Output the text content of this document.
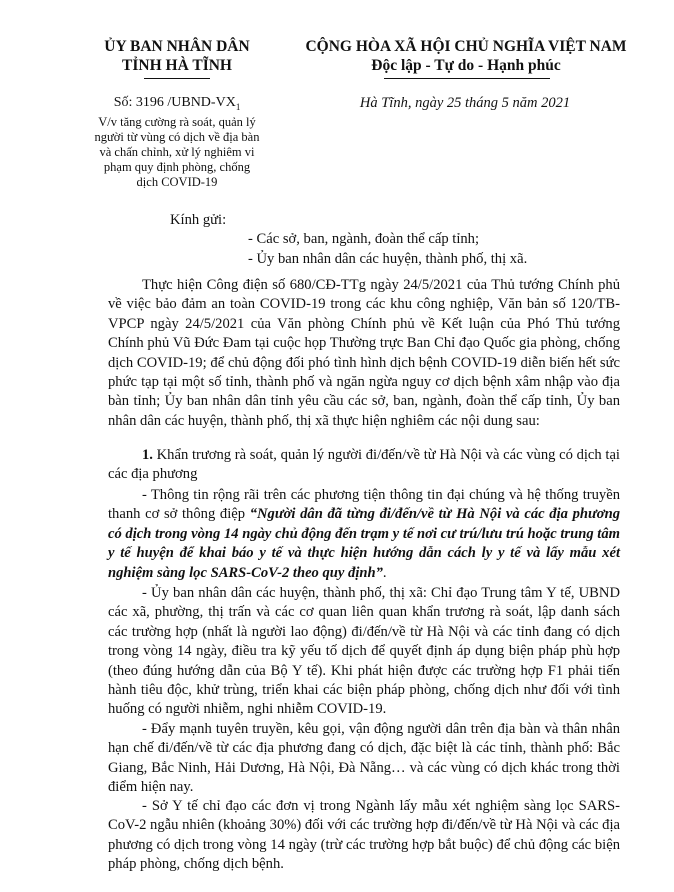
ỦY BAN NHÂN DÂN
TỈNH HÀ TĨNH
Số: 3196 $/UBND-VX_1$
V/v tăng cường rà soát, quản lý
người từ vùng có dịch về địa bàn
và chấn chỉnh, xử lý nghiêm vi
phạm quy định phòng, chống
dịch COVID-19
CỘNG HÒA XÃ HỘI CHỦ NGHĨA VIỆT NAM
Độc lập - Tự do - Hạnh phúc
Hà Tĩnh, ngày 25 tháng 5 năm 2021
Kính gửi:
- Các sở, ban, ngành, đoàn thể cấp tỉnh;
- Ủy ban nhân dân các huyện, thành phố, thị xã.
Thực hiện Công điện số 680/CĐ-TTg ngày 24/5/2021 của Thủ tướng Chính phủ về việc bảo đảm an toàn COVID-19 trong các khu công nghiệp, Văn bản số 120/TB-VPCP ngày 24/5/2021 của Văn phòng Chính phủ về Kết luận của Phó Thủ tướng Chính phủ Vũ Đức Đam tại cuộc họp Thường trực Ban Chỉ đạo Quốc gia phòng, chống dịch COVID-19; để chủ động đối phó tình hình dịch bệnh COVID-19 diễn biến hết sức phức tạp tại một số tỉnh, thành phố và ngăn ngừa nguy cơ dịch bệnh xâm nhập vào địa bàn tỉnh; Ủy ban nhân dân tỉnh yêu cầu các sở, ban, ngành, đoàn thể cấp tỉnh, Ủy ban nhân dân các huyện, thành phố, thị xã thực hiện nghiêm các nội dung sau:
1. Khẩn trương rà soát, quản lý người đi/đến/về từ Hà Nội và các vùng có dịch tại các địa phương
- Thông tin rộng rãi trên các phương tiện thông tin đại chúng và hệ thống truyền thanh cơ sở thông điệp “Người dân đã từng đi/đến/về từ Hà Nội và các địa phương có dịch trong vòng 14 ngày chủ động đến trạm y tế nơi cư trú/lưu trú hoặc trung tâm y tế huyện để khai báo y tế và thực hiện hướng dẫn cách ly y tế và lấy mẫu xét nghiệm sàng lọc SARS-CoV-2 theo quy định”.
- Ủy ban nhân dân các huyện, thành phố, thị xã: Chỉ đạo Trung tâm Y tế, UBND các xã, phường, thị trấn và các cơ quan liên quan khẩn trương rà soát, lập danh sách các trường hợp (nhất là người lao động) đi/đến/về từ Hà Nội và các tỉnh đang có dịch trong vòng 14 ngày, điều tra kỹ yếu tố dịch để quyết định áp dụng biện pháp phù hợp (theo đúng hướng dẫn của Bộ Y tế). Khi phát hiện được các trường hợp F1 phải tiến hành tiêu độc, khử trùng, triển khai các biện pháp phòng, chống dịch như đối với tình huống có người nhiễm, nghi nhiễm COVID-19.
- Đẩy mạnh tuyên truyền, kêu gọi, vận động người dân trên địa bàn và thân nhân hạn chế đi/đến/về từ các địa phương đang có dịch, đặc biệt là các tỉnh, thành phố: Bắc Giang, Bắc Ninh, Hải Dương, Hà Nội, Đà Nẵng… và các vùng có dịch khác trong thời điểm hiện nay.
- Sở Y tế chỉ đạo các đơn vị trong Ngành lấy mẫu xét nghiệm sàng lọc SARS-CoV-2 ngẫu nhiên (khoảng 30%) đối với các trường hợp đi/đến/về từ Hà Nội và các địa phương có dịch trong vòng 14 ngày (trừ các trường hợp bắt buộc) để chủ động các biện pháp phòng, chống dịch bệnh.
